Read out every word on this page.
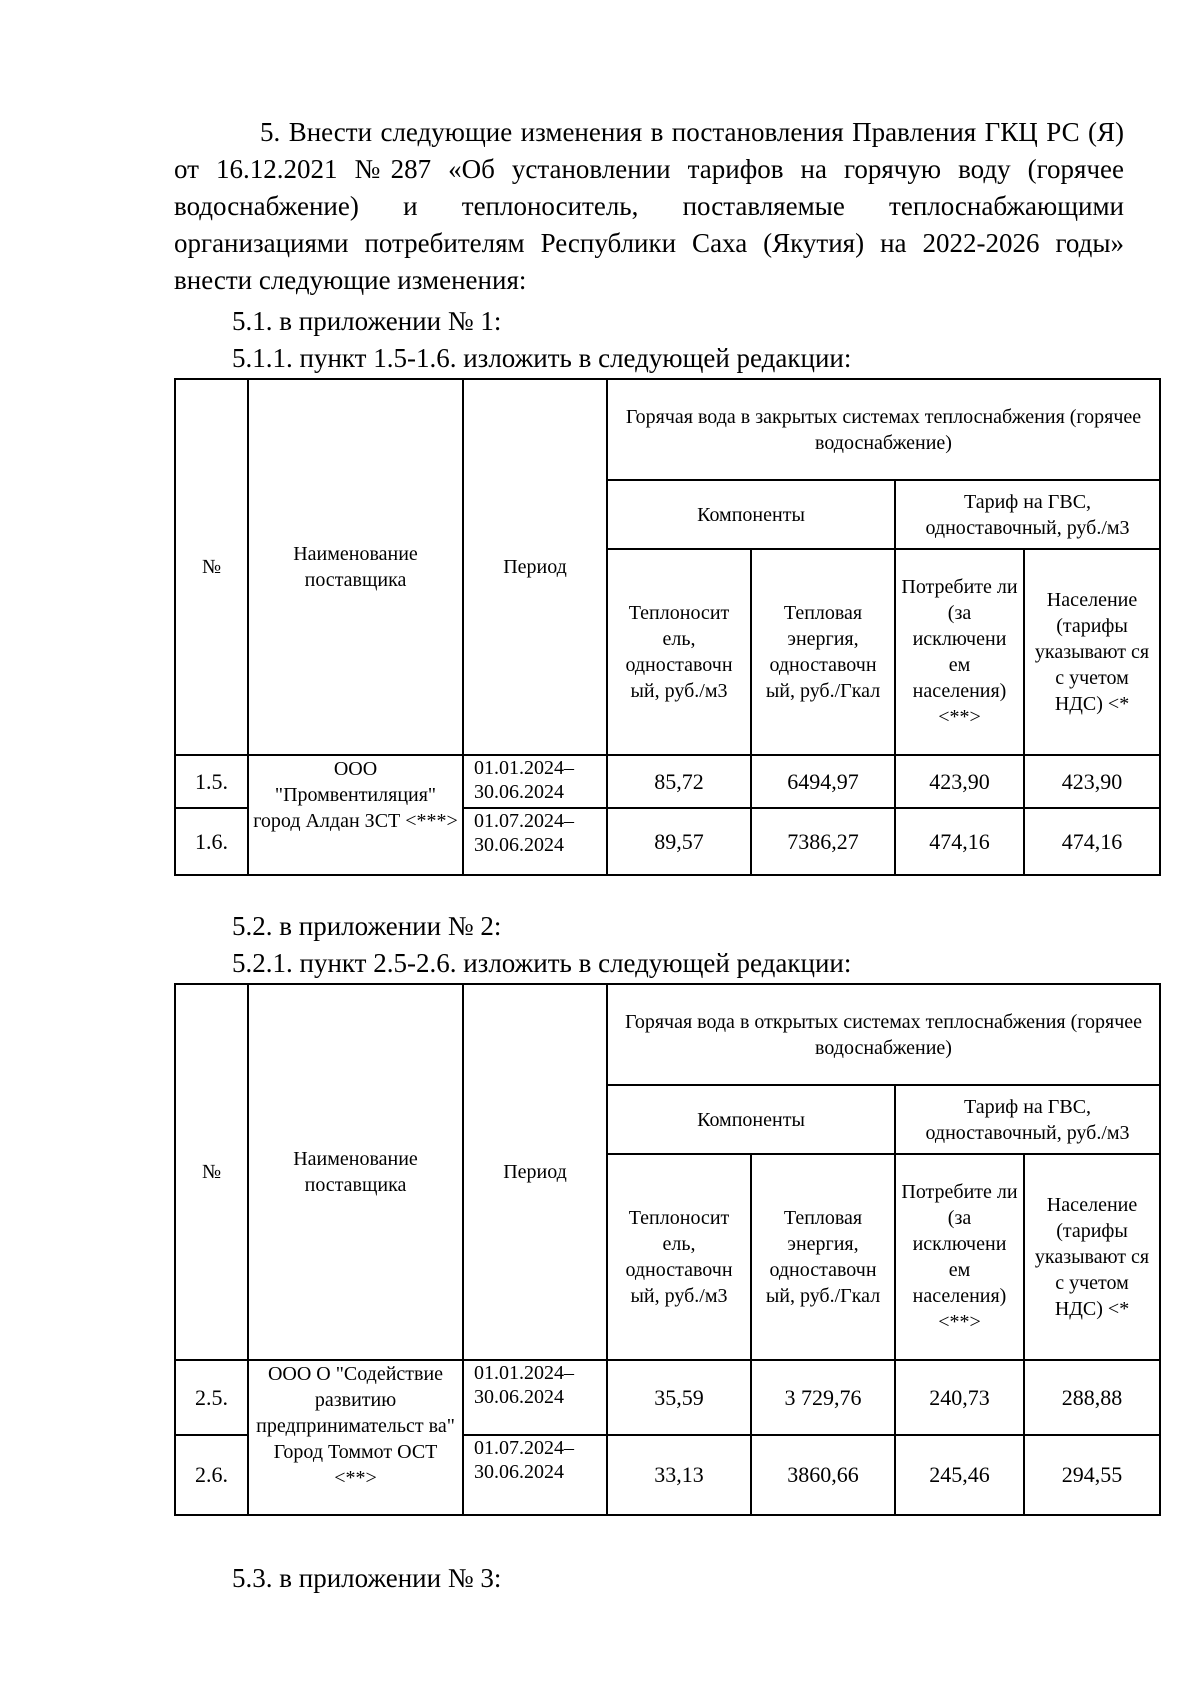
5. Внести следующие изменения в постановления Правления ГКЦ РС (Я) от 16.12.2021 №287 «Об установлении тарифов на горячую воду (горячее водоснабжение) и теплоноситель, поставляемые теплоснабжающими организациями потребителям Республики Саха (Якутия) на 2022-2026 годы» внести следующие изменения:
5.1. в приложении № 1:
5.1.1. пункт 1.5-1.6. изложить в следующей редакции:
№	Наименование поставщика	Период	Горячая вода в закрытых системах теплоснабжения (горячее водоснабжение)			
			Компоненты		Тариф на ГВС, одноставочный, руб./м3	
			Теплоносит ель, одноставочн ый, руб./м3	Тепловая энергия, одноставочн ый, руб./Гкал	Потребите ли (за исключени ем населения) <**>	Население (тарифы указывают ся с учетом НДС) <*
1.5.	ООО "Промвентиляция" город Алдан ЗСТ <***>	01.01.2024– 30.06.2024	85,72	6494,97	423,90	423,90
1.6.		01.07.2024– 30.06.2024	89,57	7386,27	474,16	474,16
5.2. в приложении № 2:
5.2.1. пункт 2.5-2.6. изложить в следующей редакции:
№	Наименование поставщика	Период	Горячая вода в открытых системах теплоснабжения (горячее водоснабжение)			
			Компоненты		Тариф на ГВС, одноставочный, руб./м3	
			Теплоносит ель, одноставочн ый, руб./м3	Тепловая энергия, одноставочн ый, руб./Гкал	Потребите ли (за исключени ем населения) <**>	Население (тарифы указывают ся с учетом НДС) <*
2.5.	ООО О "Содействие развитию предпринимательст ва" Город Томмот ОСТ <**>	01.01.2024– 30.06.2024	35,59	3 729,76	240,73	288,88
2.6.		01.07.2024– 30.06.2024	33,13	3860,66	245,46	294,55
5.3. в приложении № 3:
